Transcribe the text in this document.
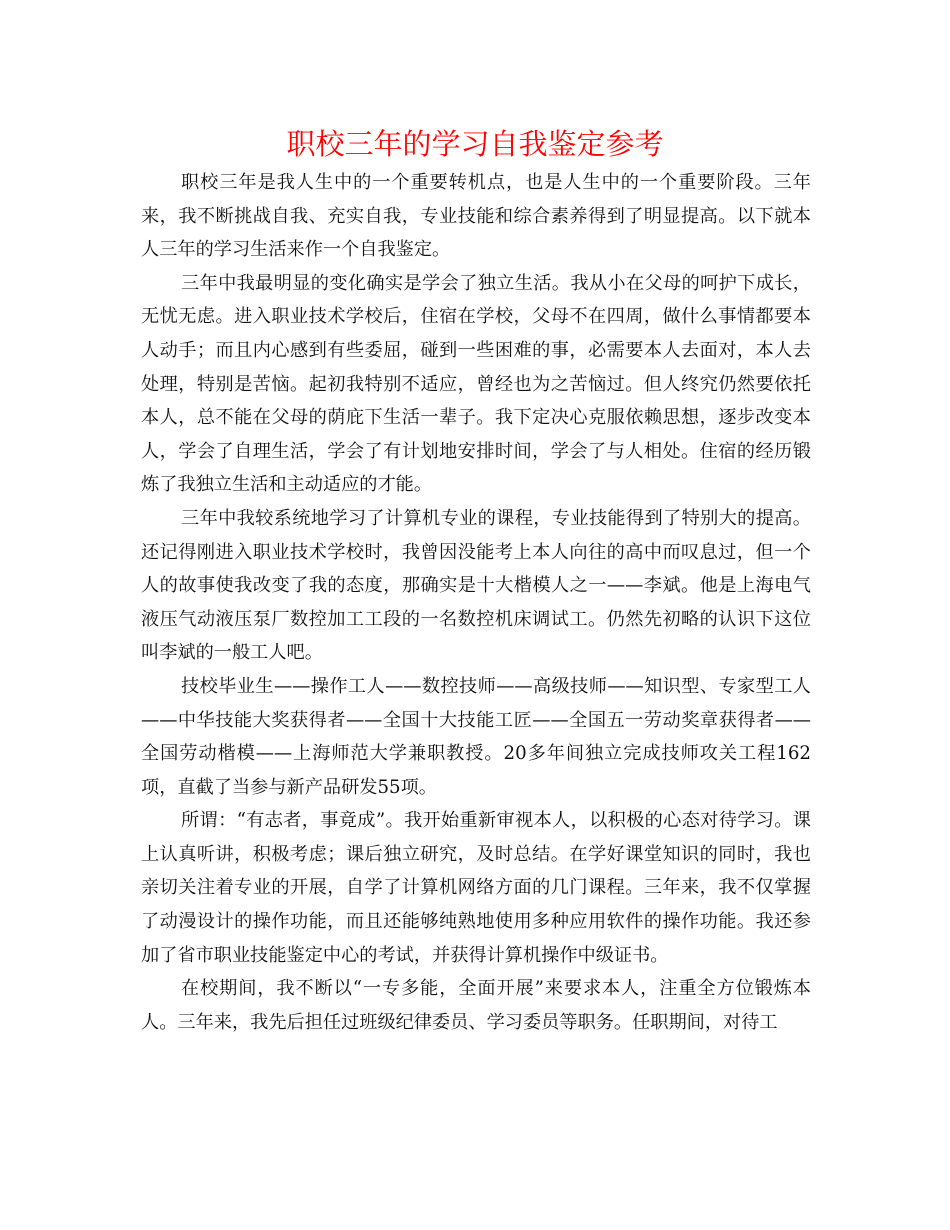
职校三年的学习自我鉴定参考

职校三年是我人生中的一个重要转机点，也是人生中的一个重要阶段。三年来，我不断挑战自我、充实自我，专业技能和综合素养得到了明显提高。以下就本人三年的学习生活来作一个自我鉴定。

三年中我最明显的变化确实是学会了独立生活。我从小在父母的呵护下成长，无忧无虑。进入职业技术学校后，住宿在学校，父母不在四周，做什么事情都要本人动手；而且内心感到有些委屈，碰到一些困难的事，必需要本人去面对，本人去处理，特别是苦恼。起初我特别不适应，曾经也为之苦恼过。但人终究仍然要依托本人，总不能在父母的荫庇下生活一辈子。我下定决心克服依赖思想，逐步改变本人，学会了自理生活，学会了有计划地安排时间，学会了与人相处。住宿的经历锻炼了我独立生活和主动适应的才能。

三年中我较系统地学习了计算机专业的课程，专业技能得到了特别大的提高。还记得刚进入职业技术学校时，我曾因没能考上本人向往的高中而叹息过，但一个人的故事使我改变了我的态度，那确实是十大楷模人之一——李斌。他是上海电气液压气动液压泵厂数控加工工段的一名数控机床调试工。仍然先初略的认识下这位叫李斌的一般工人吧。

技校毕业生——操作工人——数控技师——高级技师——知识型、专家型工人——中华技能大奖获得者——全国十大技能工匠——全国五一劳动奖章获得者——全国劳动楷模——上海师范大学兼职教授。20多年间独立完成技师攻关工程162项，直截了当参与新产品研发55项。

所谓：“有志者，事竟成”。我开始重新审视本人，以积极的心态对待学习。课上认真听讲，积极考虑；课后独立研究，及时总结。在学好课堂知识的同时，我也亲切关注着专业的开展，自学了计算机网络方面的几门课程。三年来，我不仅掌握了动漫设计的操作功能，而且还能够纯熟地使用多种应用软件的操作功能。我还参加了省市职业技能鉴定中心的考试，并获得计算机操作中级证书。

在校期间，我不断以“一专多能，全面开展”来要求本人，注重全方位锻炼本人。三年来，我先后担任过班级纪律委员、学习委员等职务。任职期间，对待工
